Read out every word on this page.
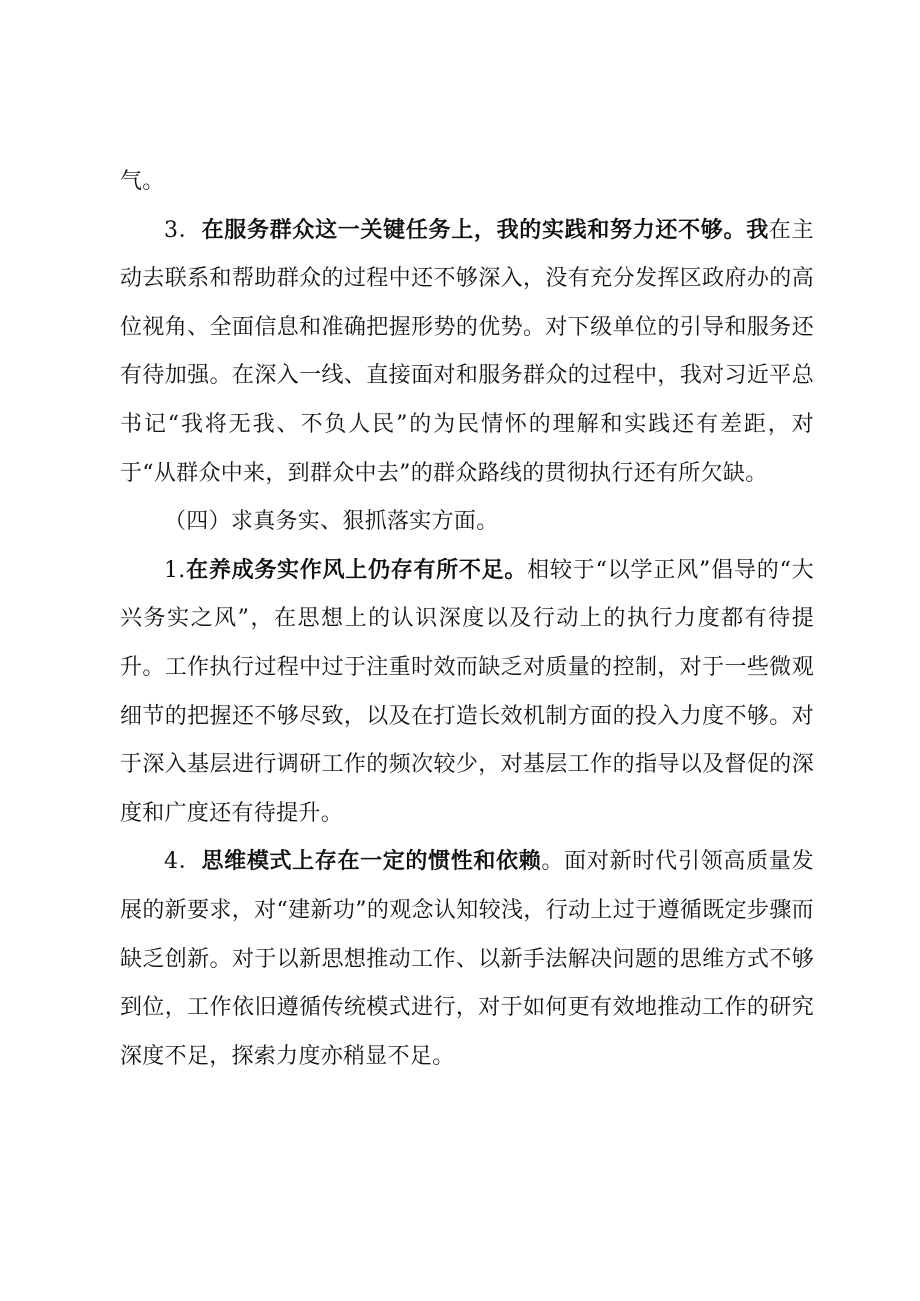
气。

3．在服务群众这一关键任务上，我的实践和努力还不够。我在主动去联系和帮助群众的过程中还不够深入，没有充分发挥区政府办的高位视角、全面信息和准确把握形势的优势。对下级单位的引导和服务还有待加强。在深入一线、直接面对和服务群众的过程中，我对习近平总书记“我将无我、不负人民”的为民情怀的理解和实践还有差距，对于“从群众中来，到群众中去”的群众路线的贯彻执行还有所欠缺。

（四）求真务实、狠抓落实方面。

1.在养成务实作风上仍存有所不足。相较于“以学正风”倡导的“大兴务实之风”，在思想上的认识深度以及行动上的执行力度都有待提升。工作执行过程中过于注重时效而缺乏对质量的控制，对于一些微观细节的把握还不够尽致，以及在打造长效机制方面的投入力度不够。对于深入基层进行调研工作的频次较少，对基层工作的指导以及督促的深度和广度还有待提升。

4．思维模式上存在一定的惯性和依赖。面对新时代引领高质量发展的新要求，对“建新功”的观念认知较浅，行动上过于遵循既定步骤而缺乏创新。对于以新思想推动工作、以新手法解决问题的思维方式不够到位，工作依旧遵循传统模式进行，对于如何更有效地推动工作的研究深度不足，探索力度亦稍显不足。
